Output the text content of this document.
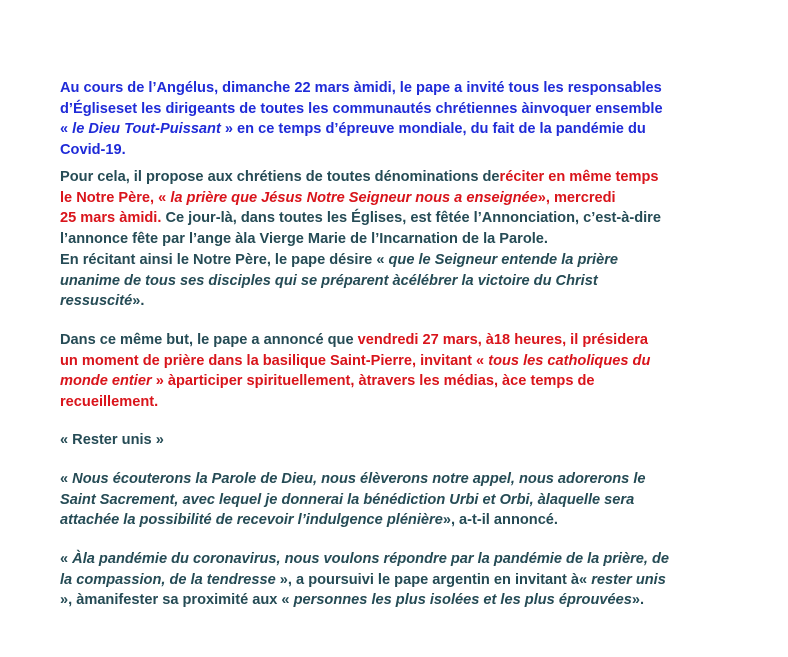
Au cours de l’Angélus, dimanche 22 mars àmidi, le pape a invité tous les responsables
d’Égliseset les dirigeants de toutes les communautés chrétiennes àinvoquer ensemble
« le Dieu Tout-Puissant » en ce temps d’épreuve mondiale, du fait de la pandémie du
Covid-19.

Pour cela, il propose aux chrétiens de toutes dénominations deréciter en même temps
le Notre Père, « la prière que Jésus Notre Seigneur nous a enseignée», mercredi
25 mars àmidi. Ce jour-là, dans toutes les Églises, est fêtée l’Annonciation, c’est-à-dire
l’annonce fête par l’ange àla Vierge Marie de l’Incarnation de la Parole.

En récitant ainsi le Notre Père, le pape désire « que le Seigneur entende la prière
unanime de tous ses disciples qui se préparent àcélébrer la victoire du Christ
ressuscité».

Dans ce même but, le pape a annoncé que vendredi 27 mars, à18 heures, il présidera
un moment de prière dans la basilique Saint-Pierre, invitant « tous les catholiques du
monde entier » àparticiper spirituellement, àtravers les médias, àce temps de
recueillement.

« Rester unis »

« Nous écouterons la Parole de Dieu, nous élèverons notre appel, nous adorerons le
Saint Sacrement, avec lequel je donnerai la bénédiction Urbi et Orbi, àlaquelle sera
attachée la possibilité de recevoir l’indulgence plénière», a-t-il annoncé.

« Àla pandémie du coronavirus, nous voulons répondre par la pandémie de la prière, de
la compassion, de la tendresse », a poursuivi le pape argentin en invitant à« rester unis
», àmanifester sa proximité aux « personnes les plus isolées et les plus éprouvées».
